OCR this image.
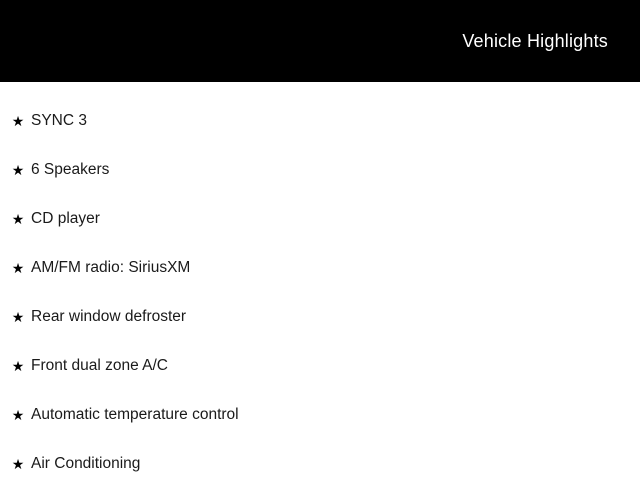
Vehicle Highlights
★ SYNC 3
★ 6 Speakers
★ CD player
★ AM/FM radio: SiriusXM
★ Rear window defroster
★ Front dual zone A/C
★ Automatic temperature control
★ Air Conditioning
